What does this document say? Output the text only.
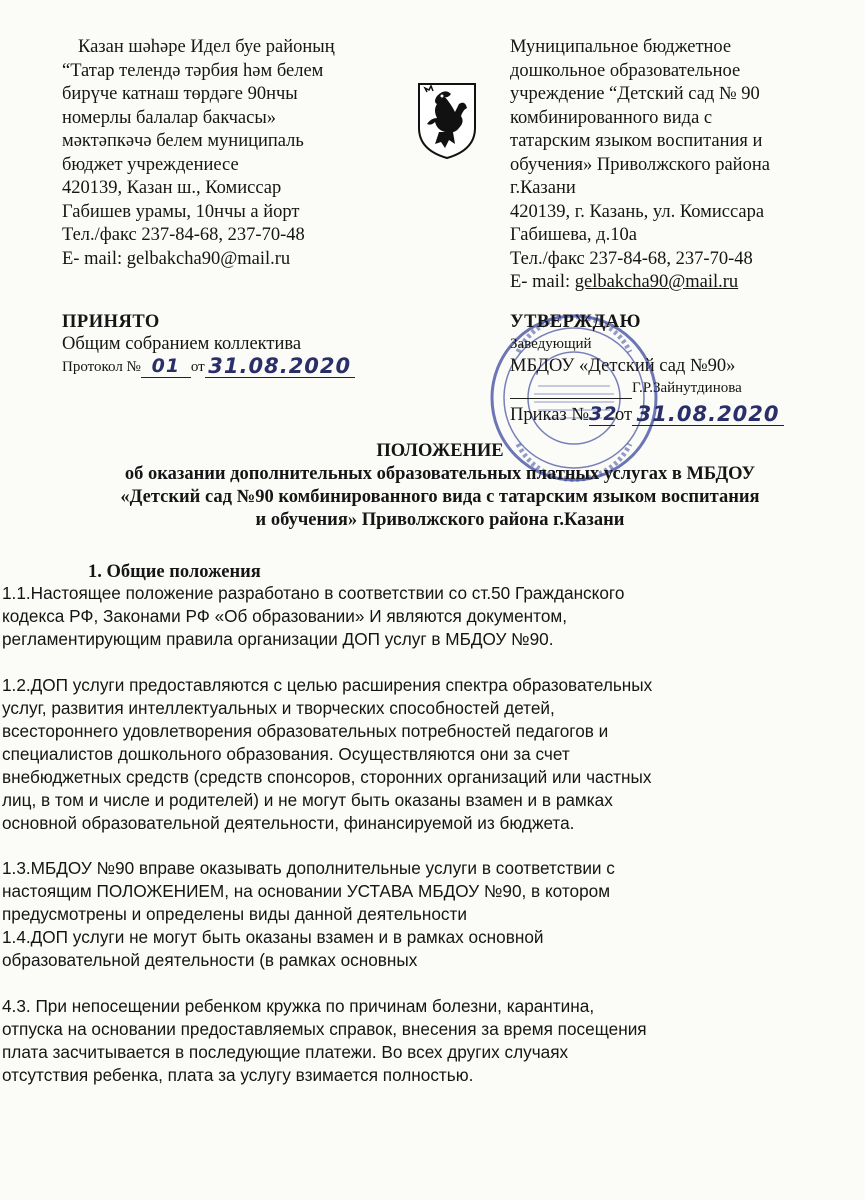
Казан шәһәре Идел буе районың
“Татар телендә тәрбия һәм белем
бирүче катнаш төрдәге 90нчы
номерлы балалар бакчасы»
мәктәпкәчә белем муниципаль
бюджет учреждениесе
420139, Казан ш., Комиссар
Габишев урамы, 10нчы а йорт
Тел./факс 237-84-68, 237-70-48
E- mail: gelbakcha90@mail.ru
Муниципальное бюджетное
дошкольное образовательное
учреждение “Детский сад № 90
комбинированного вида с
татарским языком воспитания и
обучения» Приволжского района
г.Казани
420139, г. Казань, ул. Комиссара
Габишева, д.10а
Тел./факс 237-84-68, 237-70-48
E- mail: gelbakcha90@mail.ru
ПРИНЯТО
Общим собранием коллектива
Протокол № 01 от 31.08.2020
УТВЕРЖДАЮ
Заведующий
МБДОУ «Детский сад №90»
Г.Р.Зайнутдинова
Приказ № 32
от 31.08.2020
ПОЛОЖЕНИЕ
об оказании дополнительных образовательных платных услугах в МБДОУ
«Детский сад №90 комбинированного вида с татарским языком воспитания
и обучения» Приволжского района г.Казани
1. Общие положения
1.1.Настоящее положение разработано в соответствии со ст.50 Гражданского
кодекса РФ, Законами РФ «Об образовании» И являются документом,
регламентирующим правила организации ДОП услуг в МБДОУ №90.
1.2.ДОП услуги предоставляются с целью расширения спектра образовательных
услуг, развития интеллектуальных и творческих способностей детей,
всестороннего удовлетворения образовательных потребностей педагогов и
специалистов дошкольного образования. Осуществляются они за счет
внебюджетных средств (средств спонсоров, сторонних организаций или частных
лиц, в том и числе и родителей) и не могут быть оказаны взамен и в рамках
основной образовательной деятельности, финансируемой из бюджета.
1.3.МБДОУ №90 вправе оказывать дополнительные услуги в соответствии с
настоящим ПОЛОЖЕНИЕМ, на основании УСТАВА МБДОУ №90, в котором
предусмотрены и определены виды данной деятельности
1.4.ДОП услуги не могут быть оказаны взамен и в рамках основной
образовательной деятельности (в рамках основных
4.3. При непосещении ребенком кружка по причинам болезни, карантина,
отпуска на основании предоставляемых справок, внесения за время посещения
плата засчитывается в последующие платежи. Во всех других случаях
отсутствия ребенка, плата за услугу взимается полностью.
